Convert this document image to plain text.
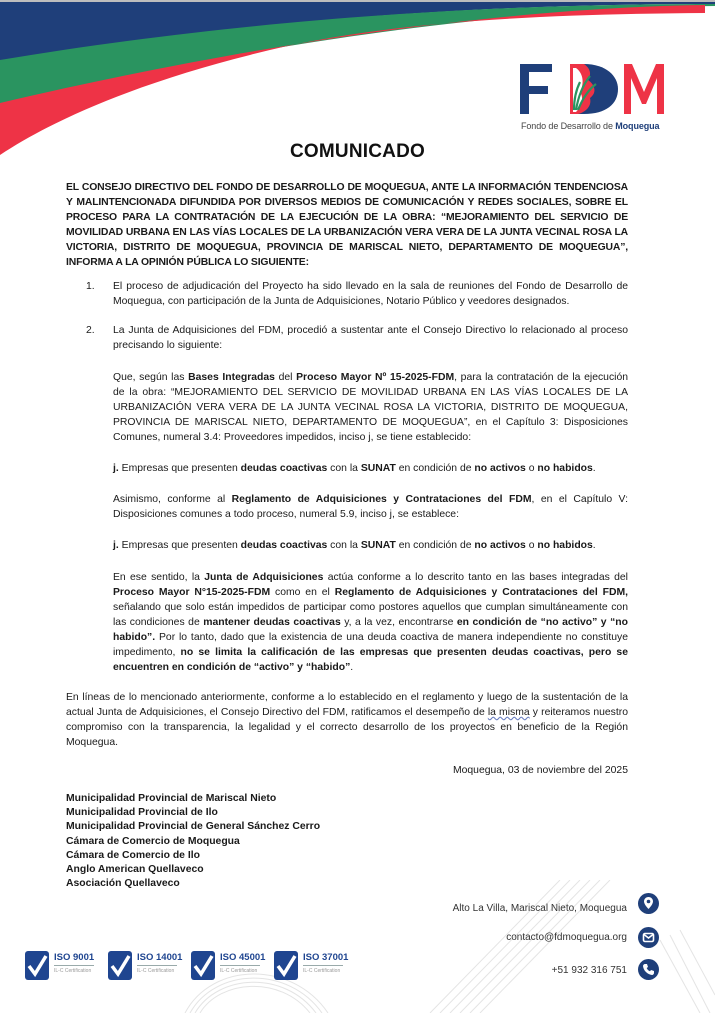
Fondo de Desarrollo de Moquegua
COMUNICADO
EL CONSEJO DIRECTIVO DEL FONDO DE DESARROLLO DE MOQUEGUA, ANTE LA INFORMACIÓN TENDENCIOSA Y MALINTENCIONADA DIFUNDIDA POR DIVERSOS MEDIOS DE COMUNICACIÓN Y REDES SOCIALES, SOBRE EL PROCESO PARA LA CONTRATACIÓN DE LA EJECUCIÓN DE LA OBRA: “MEJORAMIENTO DEL SERVICIO DE MOVILIDAD URBANA EN LAS VÍAS LOCALES DE LA URBANIZACIÓN VERA VERA DE LA JUNTA VECINAL ROSA LA VICTORIA, DISTRITO DE MOQUEGUA, PROVINCIA DE MARISCAL NIETO, DEPARTAMENTO DE MOQUEGUA”, INFORMA A LA OPINIÓN PÚBLICA LO SIGUIENTE:
1. El proceso de adjudicación del Proyecto ha sido llevado en la sala de reuniones del Fondo de Desarrollo de Moquegua, con participación de la Junta de Adquisiciones, Notario Público y veedores designados.
2. La Junta de Adquisiciones del FDM, procedió a sustentar ante el Consejo Directivo lo relacionado al proceso precisando lo siguiente:
Que, según las Bases Integradas del Proceso Mayor Nº 15-2025-FDM, para la contratación de la ejecución de la obra: “MEJORAMIENTO DEL SERVICIO DE MOVILIDAD URBANA EN LAS VÍAS LOCALES DE LA URBANIZACIÓN VERA VERA DE LA JUNTA VECINAL ROSA LA VICTORIA, DISTRITO DE MOQUEGUA, PROVINCIA DE MARISCAL NIETO, DEPARTAMENTO DE MOQUEGUA”, en el Capítulo 3: Disposiciones Comunes, numeral 3.4: Proveedores impedidos, inciso j, se tiene establecido:
j. Empresas que presenten deudas coactivas con la SUNAT en condición de no activos o no habidos.
Asimismo, conforme al Reglamento de Adquisiciones y Contrataciones del FDM, en el Capítulo V: Disposiciones comunes a todo proceso, numeral 5.9, inciso j, se establece:
j. Empresas que presenten deudas coactivas con la SUNAT en condición de no activos o no habidos.
En ese sentido, la Junta de Adquisiciones actúa conforme a lo descrito tanto en las bases integradas del Proceso Mayor N°15-2025-FDM como en el Reglamento de Adquisiciones y Contrataciones del FDM, señalando que solo están impedidos de participar como postores aquellos que cumplan simultáneamente con las condiciones de mantener deudas coactivas y, a la vez, encontrarse en condición de “no activo” y “no habido”. Por lo tanto, dado que la existencia de una deuda coactiva de manera independiente no constituye impedimento, no se limita la calificación de las empresas que presenten deudas coactivas, pero se encuentren en condición de “activo” y “habido”.
En líneas de lo mencionado anteriormente, conforme a lo establecido en el reglamento y luego de la sustentación de la actual Junta de Adquisiciones, el Consejo Directivo del FDM, ratificamos el desempeño de la misma y reiteramos nuestro compromiso con la transparencia, la legalidad y el correcto desarrollo de los proyectos en beneficio de la Región Moquegua.
Moquegua, 03 de noviembre del 2025
Municipalidad Provincial de Mariscal Nieto
Municipalidad Provincial de Ilo
Municipalidad Provincial de General Sánchez Cerro
Cámara de Comercio de Moquegua
Cámara de Comercio de Ilo
Anglo American Quellaveco
Asociación Quellaveco
Alto La Villa, Mariscal Nieto, Moquegua
contacto@fdmoquegua.org
+51 932 316 751
ISO 9001
IL-C Certification
ISO 14001
IL-C Certification
ISO 45001
IL-C Certification
ISO 37001
IL-C Certification
